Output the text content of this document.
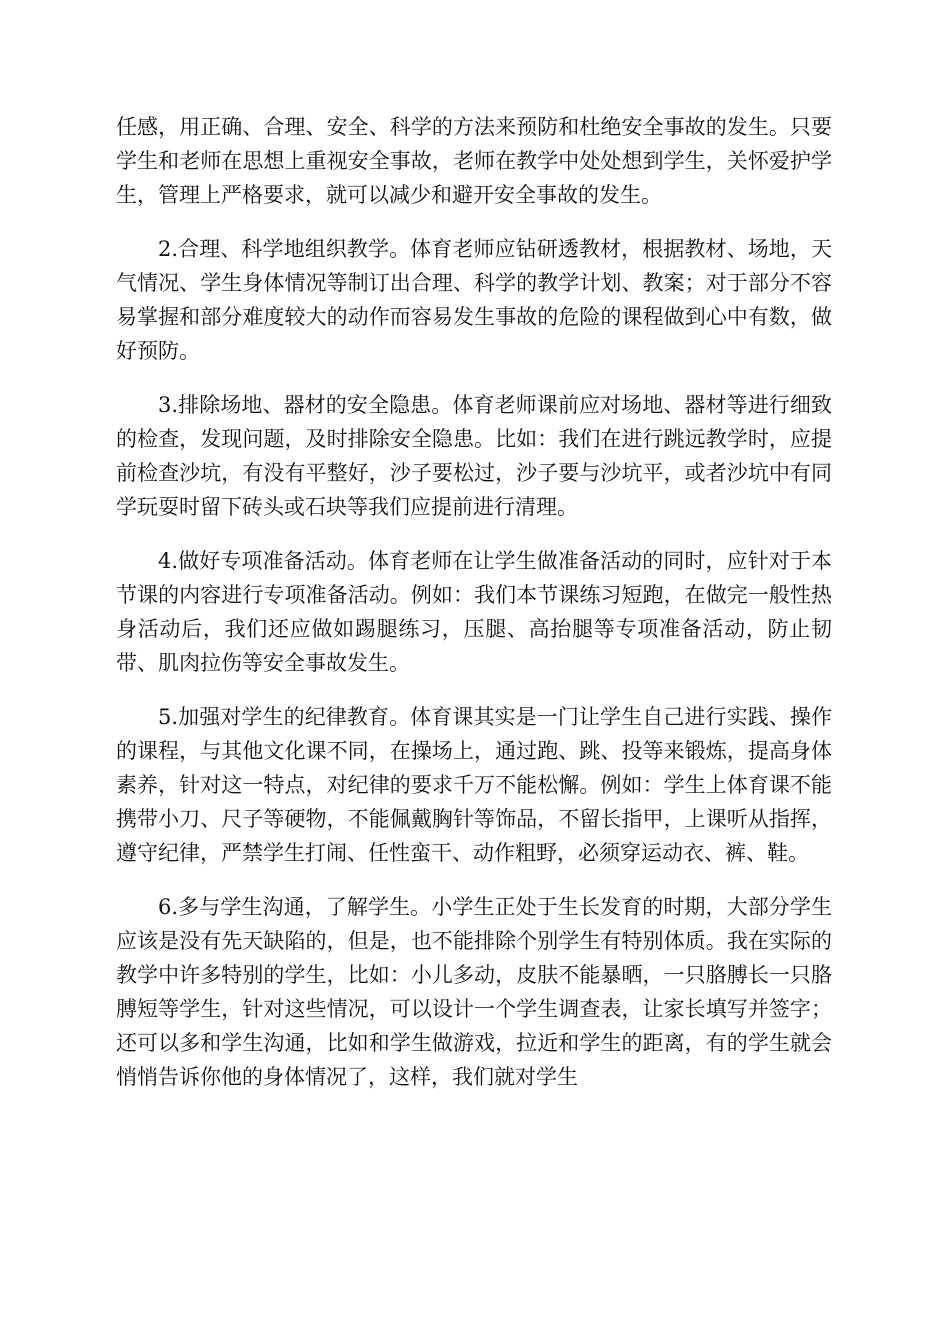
任感，用正确、合理、安全、科学的方法来预防和杜绝安全事故的发生。只要学生和老师在思想上重视安全事故，老师在教学中处处想到学生，关怀爱护学生，管理上严格要求，就可以减少和避开安全事故的发生。

2.合理、科学地组织教学。体育老师应钻研透教材，根据教材、场地，天气情况、学生身体情况等制订出合理、科学的教学计划、教案；对于部分不容易掌握和部分难度较大的动作而容易发生事故的危险的课程做到心中有数，做好预防。

3.排除场地、器材的安全隐患。体育老师课前应对场地、器材等进行细致的检查，发现问题，及时排除安全隐患。比如：我们在进行跳远教学时，应提前检查沙坑，有没有平整好，沙子要松过，沙子要与沙坑平，或者沙坑中有同学玩耍时留下砖头或石块等我们应提前进行清理。

4.做好专项准备活动。体育老师在让学生做准备活动的同时，应针对于本节课的内容进行专项准备活动。例如：我们本节课练习短跑，在做完一般性热身活动后，我们还应做如踢腿练习，压腿、高抬腿等专项准备活动，防止韧带、肌肉拉伤等安全事故发生。

5.加强对学生的纪律教育。体育课其实是一门让学生自己进行实践、操作的课程，与其他文化课不同，在操场上，通过跑、跳、投等来锻炼，提高身体素养，针对这一特点，对纪律的要求千万不能松懈。例如：学生上体育课不能携带小刀、尺子等硬物，不能佩戴胸针等饰品，不留长指甲，上课听从指挥，遵守纪律，严禁学生打闹、任性蛮干、动作粗野，必须穿运动衣、裤、鞋。

6.多与学生沟通，了解学生。小学生正处于生长发育的时期，大部分学生应该是没有先天缺陷的，但是，也不能排除个别学生有特别体质。我在实际的教学中许多特别的学生，比如：小儿多动，皮肤不能暴晒，一只胳膊长一只胳膊短等学生，针对这些情况，可以设计一个学生调查表，让家长填写并签字；还可以多和学生沟通，比如和学生做游戏，拉近和学生的距离，有的学生就会悄悄告诉你他的身体情况了，这样，我们就对学生
